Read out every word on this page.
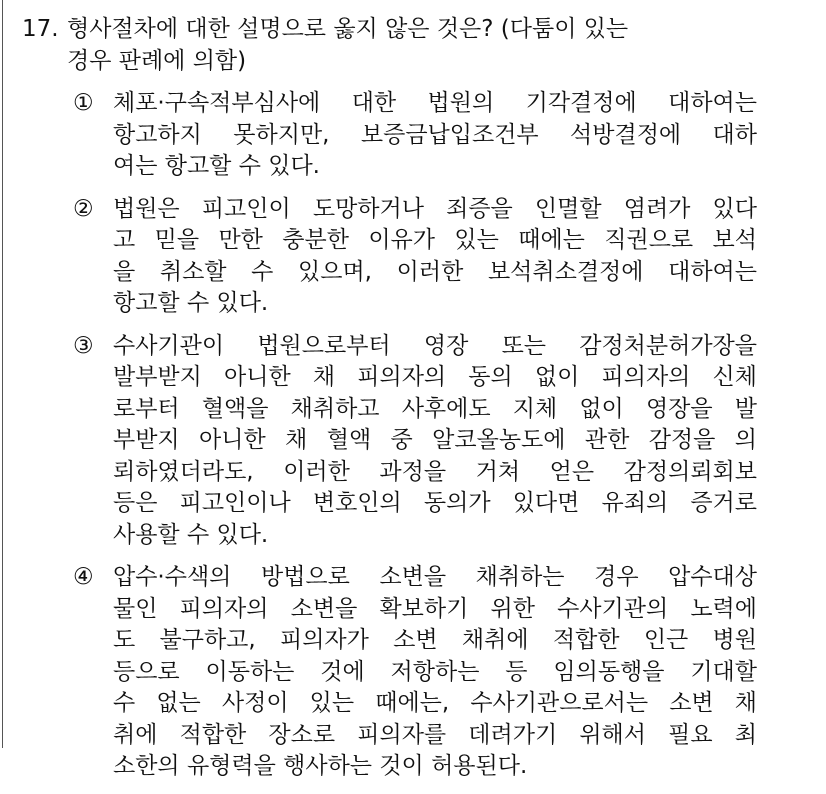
17. 형사절차에 대한 설명으로 옳지 않은 것은? (다툼이 있는
경우 판례에 의함)
① 체포·구속적부심사에 대한 법원의 기각결정에 대하여는
항고하지 못하지만, 보증금납입조건부 석방결정에 대하
여는 항고할 수 있다.
② 법원은 피고인이 도망하거나 죄증을 인멸할 염려가 있다
고 믿을 만한 충분한 이유가 있는 때에는 직권으로 보석
을 취소할 수 있으며, 이러한 보석취소결정에 대하여는
항고할 수 있다.
③ 수사기관이 법원으로부터 영장 또는 감정처분허가장을
발부받지 아니한 채 피의자의 동의 없이 피의자의 신체
로부터 혈액을 채취하고 사후에도 지체 없이 영장을 발
부받지 아니한 채 혈액 중 알코올농도에 관한 감정을 의
뢰하였더라도, 이러한 과정을 거쳐 얻은 감정의뢰회보
등은 피고인이나 변호인의 동의가 있다면 유죄의 증거로
사용할 수 있다.
④ 압수·수색의 방법으로 소변을 채취하는 경우 압수대상
물인 피의자의 소변을 확보하기 위한 수사기관의 노력에
도 불구하고, 피의자가 소변 채취에 적합한 인근 병원
등으로 이동하는 것에 저항하는 등 임의동행을 기대할
수 없는 사정이 있는 때에는, 수사기관으로서는 소변 채
취에 적합한 장소로 피의자를 데려가기 위해서 필요 최
소한의 유형력을 행사하는 것이 허용된다.
